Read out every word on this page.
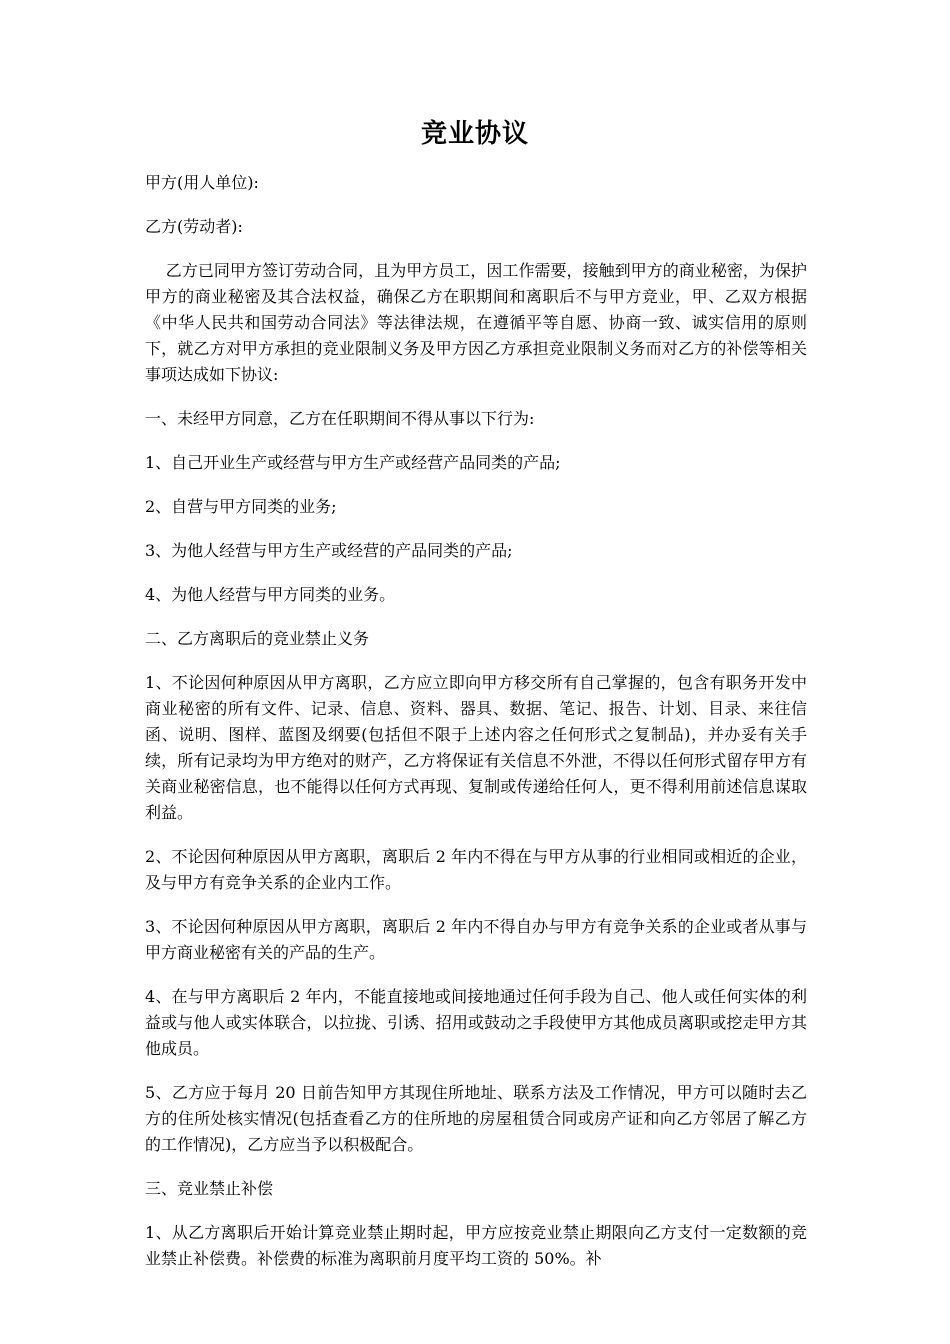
竞业协议

甲方(用人单位):

乙方(劳动者):

乙方已同甲方签订劳动合同，且为甲方员工，因工作需要，接触到甲方的商业秘密，为保护甲方的商业秘密及其合法权益，确保乙方在职期间和离职后不与甲方竞业，甲、乙双方根据《中华人民共和国劳动合同法》等法律法规，在遵循平等自愿、协商一致、诚实信用的原则下，就乙方对甲方承担的竞业限制义务及甲方因乙方承担竞业限制义务而对乙方的补偿等相关事项达成如下协议:

一、未经甲方同意，乙方在任职期间不得从事以下行为:

1、自己开业生产或经营与甲方生产或经营产品同类的产品;

2、自营与甲方同类的业务;

3、为他人经营与甲方生产或经营的产品同类的产品;

4、为他人经营与甲方同类的业务。

二、乙方离职后的竞业禁止义务

1、不论因何种原因从甲方离职，乙方应立即向甲方移交所有自己掌握的，包含有职务开发中商业秘密的所有文件、记录、信息、资料、器具、数据、笔记、报告、计划、目录、来往信函、说明、图样、蓝图及纲要(包括但不限于上述内容之任何形式之复制品)，并办妥有关手续，所有记录均为甲方绝对的财产，乙方将保证有关信息不外泄，不得以任何形式留存甲方有关商业秘密信息，也不能得以任何方式再现、复制或传递给任何人，更不得利用前述信息谋取利益。

2、不论因何种原因从甲方离职，离职后 2 年内不得在与甲方从事的行业相同或相近的企业，及与甲方有竞争关系的企业内工作。

3、不论因何种原因从甲方离职，离职后 2 年内不得自办与甲方有竞争关系的企业或者从事与甲方商业秘密有关的产品的生产。

4、在与甲方离职后 2 年内，不能直接地或间接地通过任何手段为自己、他人或任何实体的利益或与他人或实体联合，以拉拢、引诱、招用或鼓动之手段使甲方其他成员离职或挖走甲方其他成员。

5、乙方应于每月 20 日前告知甲方其现住所地址、联系方法及工作情况，甲方可以随时去乙方的住所处核实情况(包括查看乙方的住所地的房屋租赁合同或房产证和向乙方邻居了解乙方的工作情况)，乙方应当予以积极配合。

三、竞业禁止补偿

1、从乙方离职后开始计算竞业禁止期时起，甲方应按竞业禁止期限向乙方支付一定数额的竞业禁止补偿费。补偿费的标准为离职前月度平均工资的 50%。补
